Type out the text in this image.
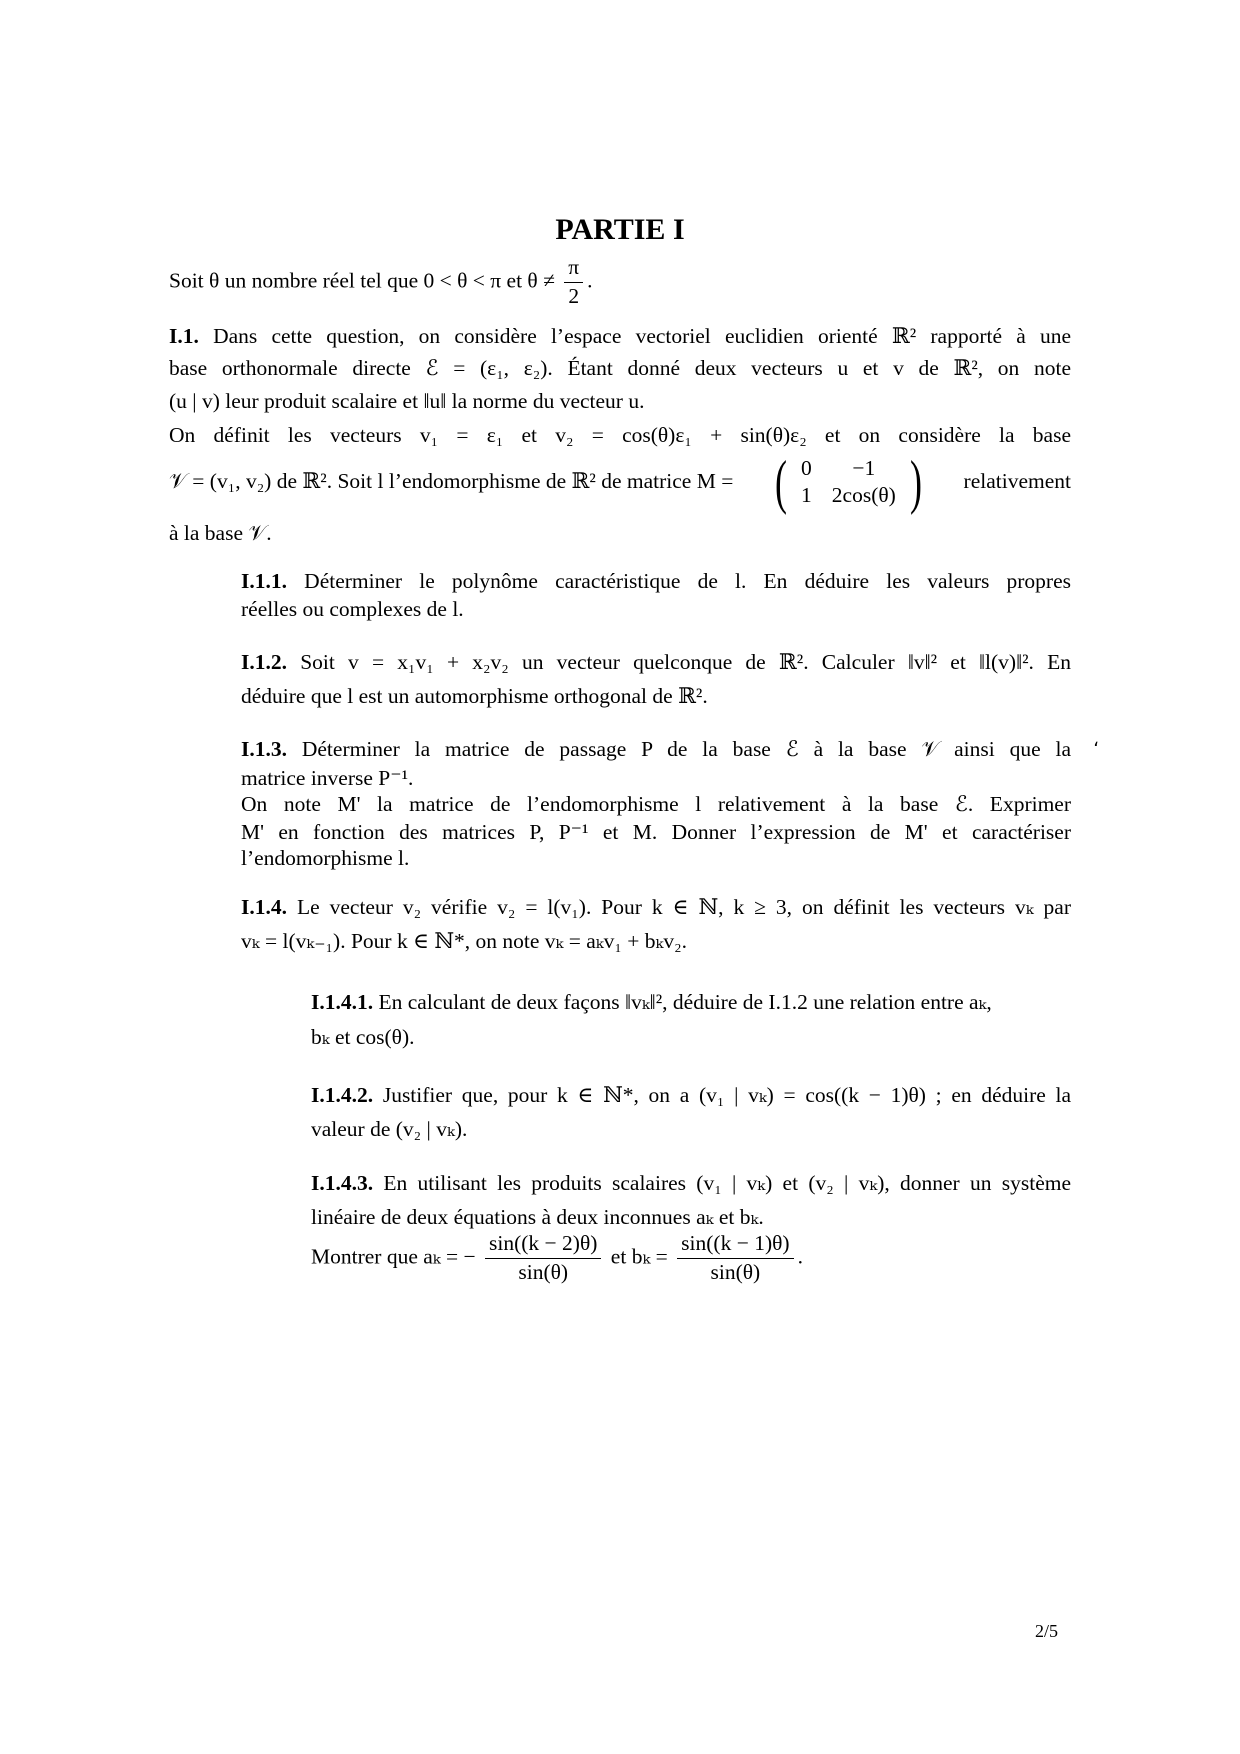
PARTIE I
Soit θ un nombre réel tel que 0 < θ < π et $\theta \ne \frac{\pi}{2}$ .
I.1. Dans cette question, on considère l’espace vectoriel euclidien orienté ℝ² rapporté à une
base orthonormale directe ℰ = (ε₁, ε₂). Étant donné deux vecteurs u et v de ℝ², on note
(u | v) leur produit scalaire et ‖u‖ la norme du vecteur u.
On définit les vecteurs v₁ = ε₁ et v₂ = cos(θ)ε₁ + sin(θ)ε₂ et on considère la base
𝒱 = (v₁, v₂) de ℝ². Soit l l’endomorphisme de ℝ² de matrice M = ( 0	−1
1	2cos(θ) ) relativement
à la base 𝒱.
I.1.1. Déterminer le polynôme caractéristique de l. En déduire les valeurs propres
réelles ou complexes de l.
I.1.2. Soit v = x₁v₁ + x₂v₂ un vecteur quelconque de ℝ². Calculer ‖v‖² et ‖l(v)‖². En
déduire que l est un automorphisme orthogonal de ℝ².
،
I.1.3. Déterminer la matrice de passage P de la base ℰ à la base 𝒱 ainsi que la
matrice inverse P⁻¹.
On note M' la matrice de l’endomorphisme l relativement à la base ℰ. Exprimer
M' en fonction des matrices P, P⁻¹ et M. Donner l’expression de M' et caractériser
l’endomorphisme l.
I.1.4. Le vecteur v₂ vérifie v₂ = l(v₁). Pour k ∈ ℕ, k ≥ 3, on définit les vecteurs vₖ par
vₖ = l(vₖ₋₁). Pour k ∈ ℕ*, on note vₖ = aₖv₁ + bₖv₂.
I.1.4.1. En calculant de deux façons ‖vₖ‖², déduire de I.1.2 une relation entre aₖ,
bₖ et cos(θ).
I.1.4.2. Justifier que, pour k ∈ ℕ*, on a (v₁ | vₖ) = cos((k − 1)θ) ; en déduire la
valeur de (v₂ | vₖ).
I.1.4.3. En utilisant les produits scalaires (v₁ | vₖ) et (v₂ | vₖ), donner un système
linéaire de deux équations à deux inconnues aₖ et bₖ.
Montrer que aₖ = − $\frac{\sin((k - 2)\theta)}{\sin(\theta)}$ et $b_k = \frac{\sin((k - 1)\theta)}{\sin(\theta)}$ .
2/5
